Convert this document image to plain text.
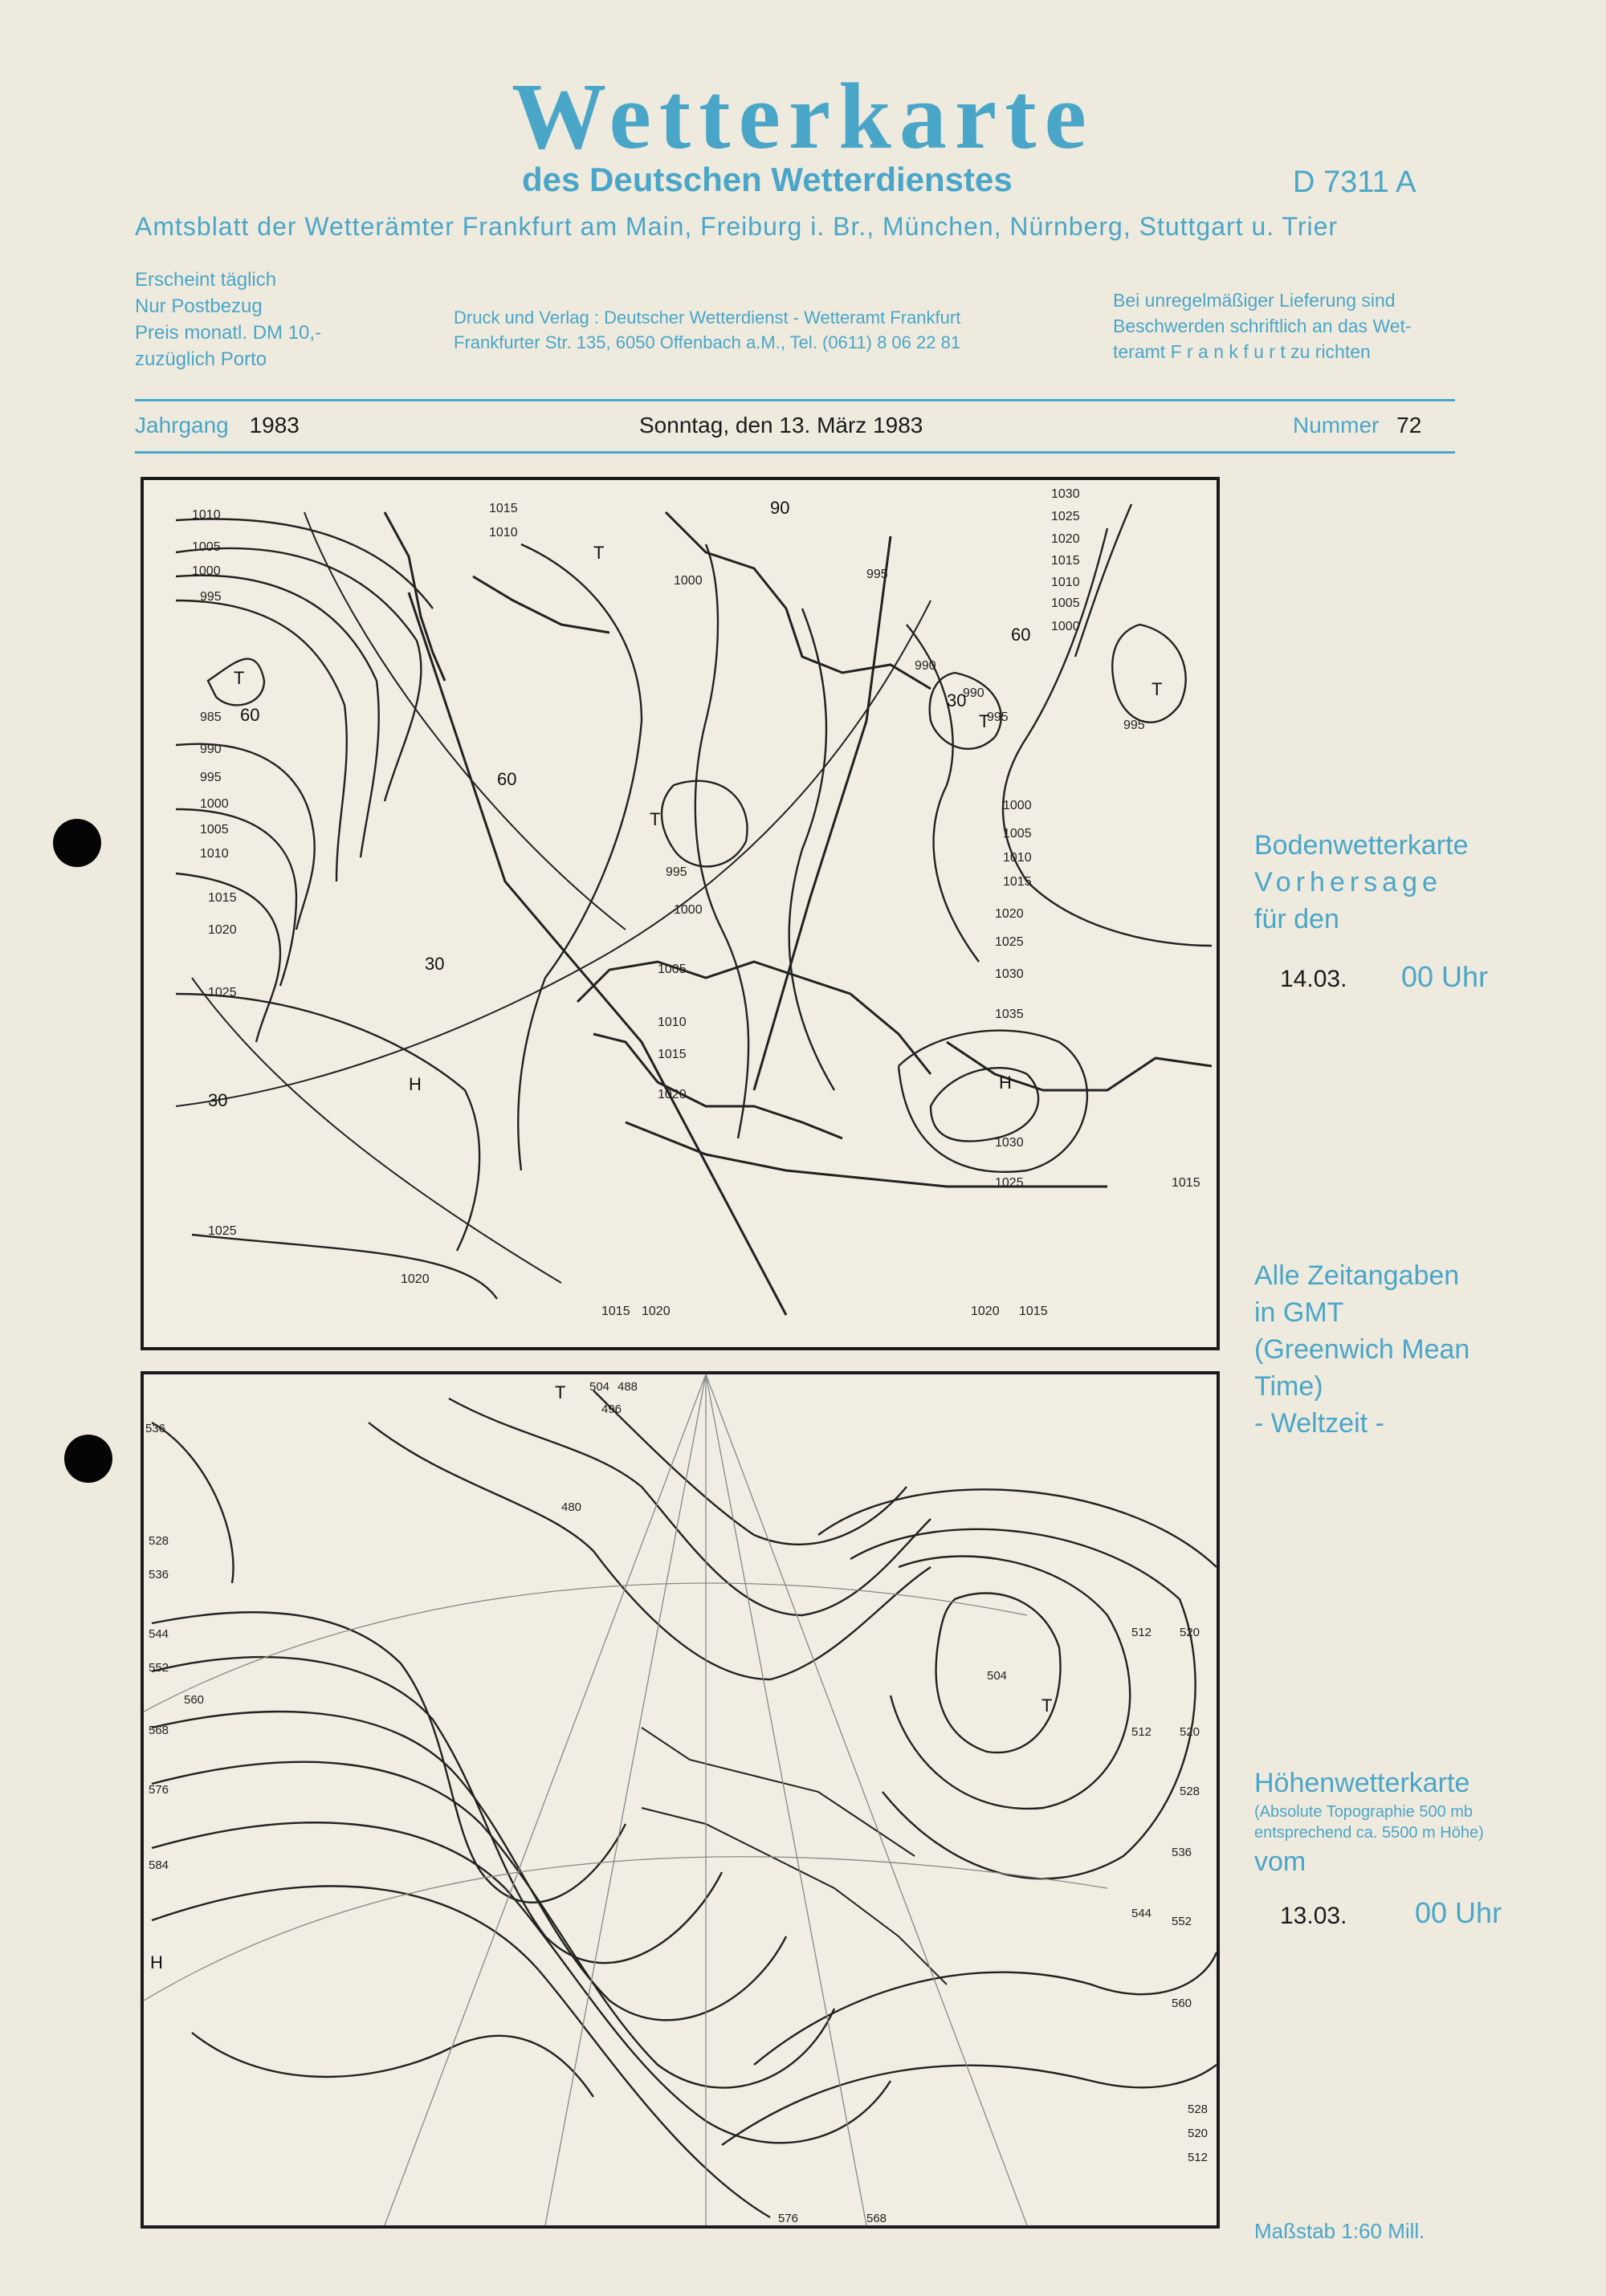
Wetterkarte
des Deutschen Wetterdienstes	D 7311 A
Amtsblatt der Wetterämter Frankfurt am Main, Freiburg i. Br., München, Nürnberg, Stuttgart u. Trier
Erscheint täglich
Nur Postbezug
Preis monatl. DM 10,-
zuzüglich Porto
Druck und Verlag : Deutscher Wetterdienst - Wetteramt Frankfurt
Frankfurter Str. 135, 6050 Offenbach a.M., Tel. (0611) 8 06 22 81
Bei unregelmäßiger Lieferung sind
Beschwerden schriftlich an das Wet-
teramt F r a n k f u r t zu richten
Jahrgang 1983	Sonntag, den 13. März 1983	Nummer 72
1010
1005
1000
995
985
990
995
1000
1005
1010
1015
1020
1025
1025
1020
1015 1020	1020 1015
1030
1025
1020
1015
1010
1005
1000
995
1000
1005
1010
1015
1020
1025
1030
1035
1030
1025	1015
995
1000
990
995
1000
1005
1010
1015
1020
1015
1010
990
995
T
T
T
T
T
H
H
60
30
30
90
60
60
30
536
528
536
544
552
560
568
576
584
504
496
488
480
512 520
512 520
528
536
544
552
560
576	568
528
520
512
504
T
T
H
Bodenwetterkarte
Vorhersage
für den
14.03. 00 Uhr
Alle Zeitangaben
in GMT
(Greenwich Mean
Time)
- Weltzeit -
Höhenwetterkarte
(Absolute Topographie 500 mb
entsprechend ca. 5500 m Höhe)
vom
13.03. 00 Uhr
Maßstab 1:60 Mill.
